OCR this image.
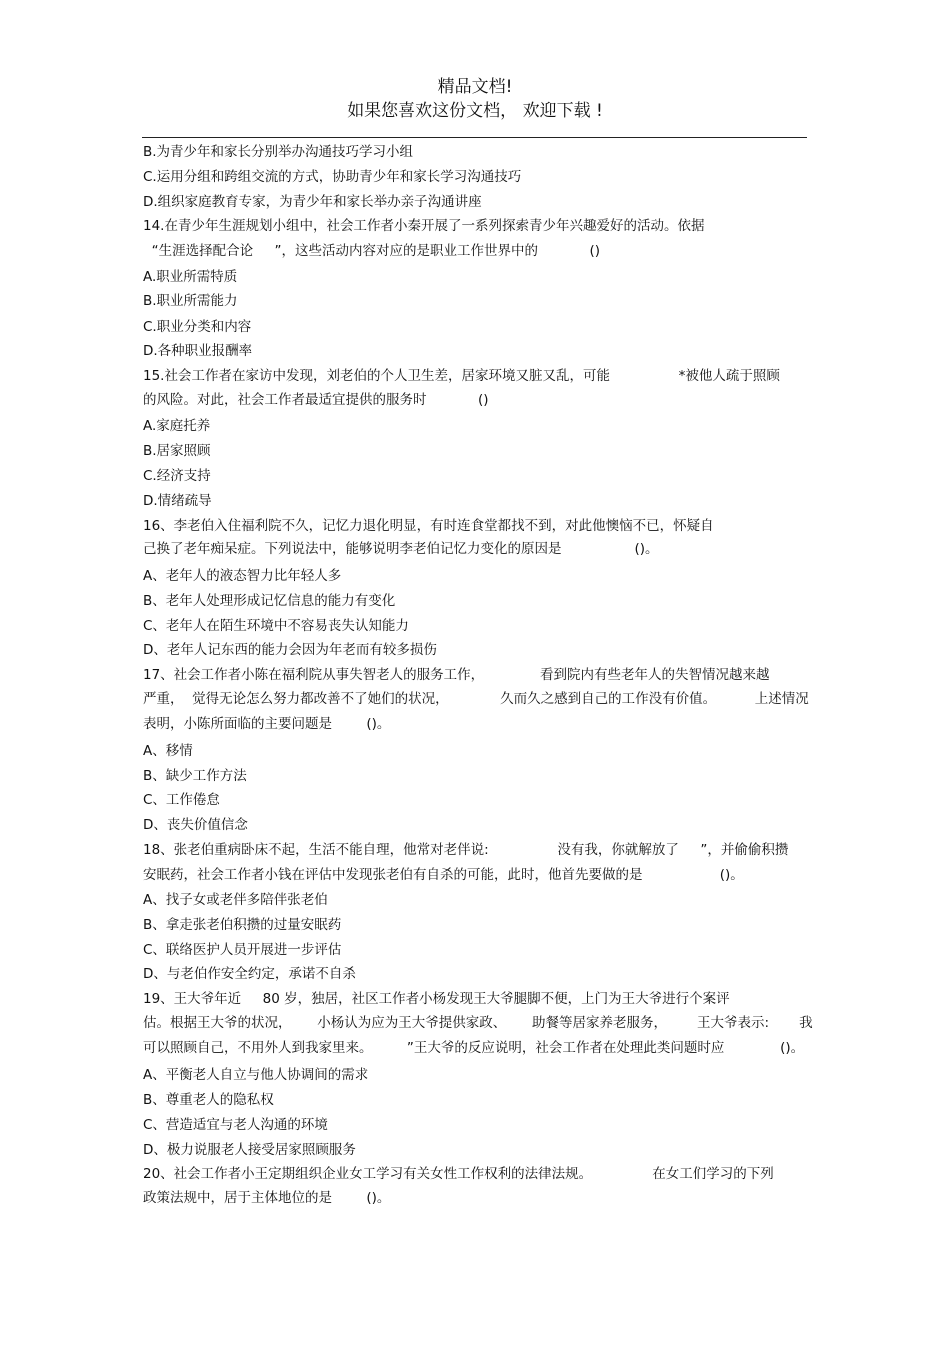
精品文档!
如果您喜欢这份文档， 欢迎下载 !
B.为青少年和家长分别举办沟通技巧学习小组
C.运用分组和跨组交流的方式，协助青少年和家长学习沟通技巧
D.组织家庭教育专家，为青少年和家长举办亲子沟通讲座
14.在青少年生涯规划小组中，社会工作者小秦开展了一系列探索青少年兴趣爱好的活动。依据
“生涯选择配合论     ”，这些活动内容对应的是职业工作世界中的            ()
A.职业所需特质
B.职业所需能力
C.职业分类和内容
D.各种职业报酬率
15.社会工作者在家访中发现，刘老伯的个人卫生差，居家环境又脏又乱，可能                *被他人疏于照顾
的风险。对此，社会工作者最适宜提供的服务时            ()
A.家庭托养
B.居家照顾
C.经济支持
D.情绪疏导
16、李老伯入住福利院不久，记忆力退化明显，有时连食堂都找不到，对此他懊恼不已，怀疑自
己换了老年痴呆症。下列说法中，能够说明李老伯记忆力变化的原因是                 ()。
A、老年人的液态智力比年轻人多
B、老年人处理形成记忆信息的能力有变化
C、老年人在陌生环境中不容易丧失认知能力
D、老年人记东西的能力会因为年老而有较多损伤
17、社会工作者小陈在福利院从事失智老人的服务工作，             看到院内有些老年人的失智情况越来越
严重，  觉得无论怎么努力都改善不了她们的状况，            久而久之感到自己的工作没有价值。         上述情况
表明，小陈所面临的主要问题是        ()。
A、移情
B、缺少工作方法
C、工作倦怠
D、丧失价值信念
18、张老伯重病卧床不起，生活不能自理，他常对老伴说:                没有我，你就解放了     ”，并偷偷积攒
安眠药，社会工作者小钱在评估中发现张老伯有自杀的可能，此时，他首先要做的是                  ()。
A、找子女或老伴多陪伴张老伯
B、拿走张老伯积攒的过量安眠药
C、联络医护人员开展进一步评估
D、与老伯作安全约定，承诺不自杀
19、王大爷年近     80 岁，独居，社区工作者小杨发现王大爷腿脚不便，上门为王大爷进行个案评
估。根据王大爷的状况，      小杨认为应为王大爷提供家政、      助餐等居家养老服务，       王大爷表示:       我
可以照顾自己，不用外人到我家里来。        ”王大爷的反应说明，社会工作者在处理此类问题时应             ()。
A、平衡老人自立与他人协调间的需求
B、尊重老人的隐私权
C、营造适宜与老人沟通的环境
D、极力说服老人接受居家照顾服务
20、社会工作者小王定期组织企业女工学习有关女性工作权利的法律法规。              在女工们学习的下列
政策法规中，居于主体地位的是        ()。
